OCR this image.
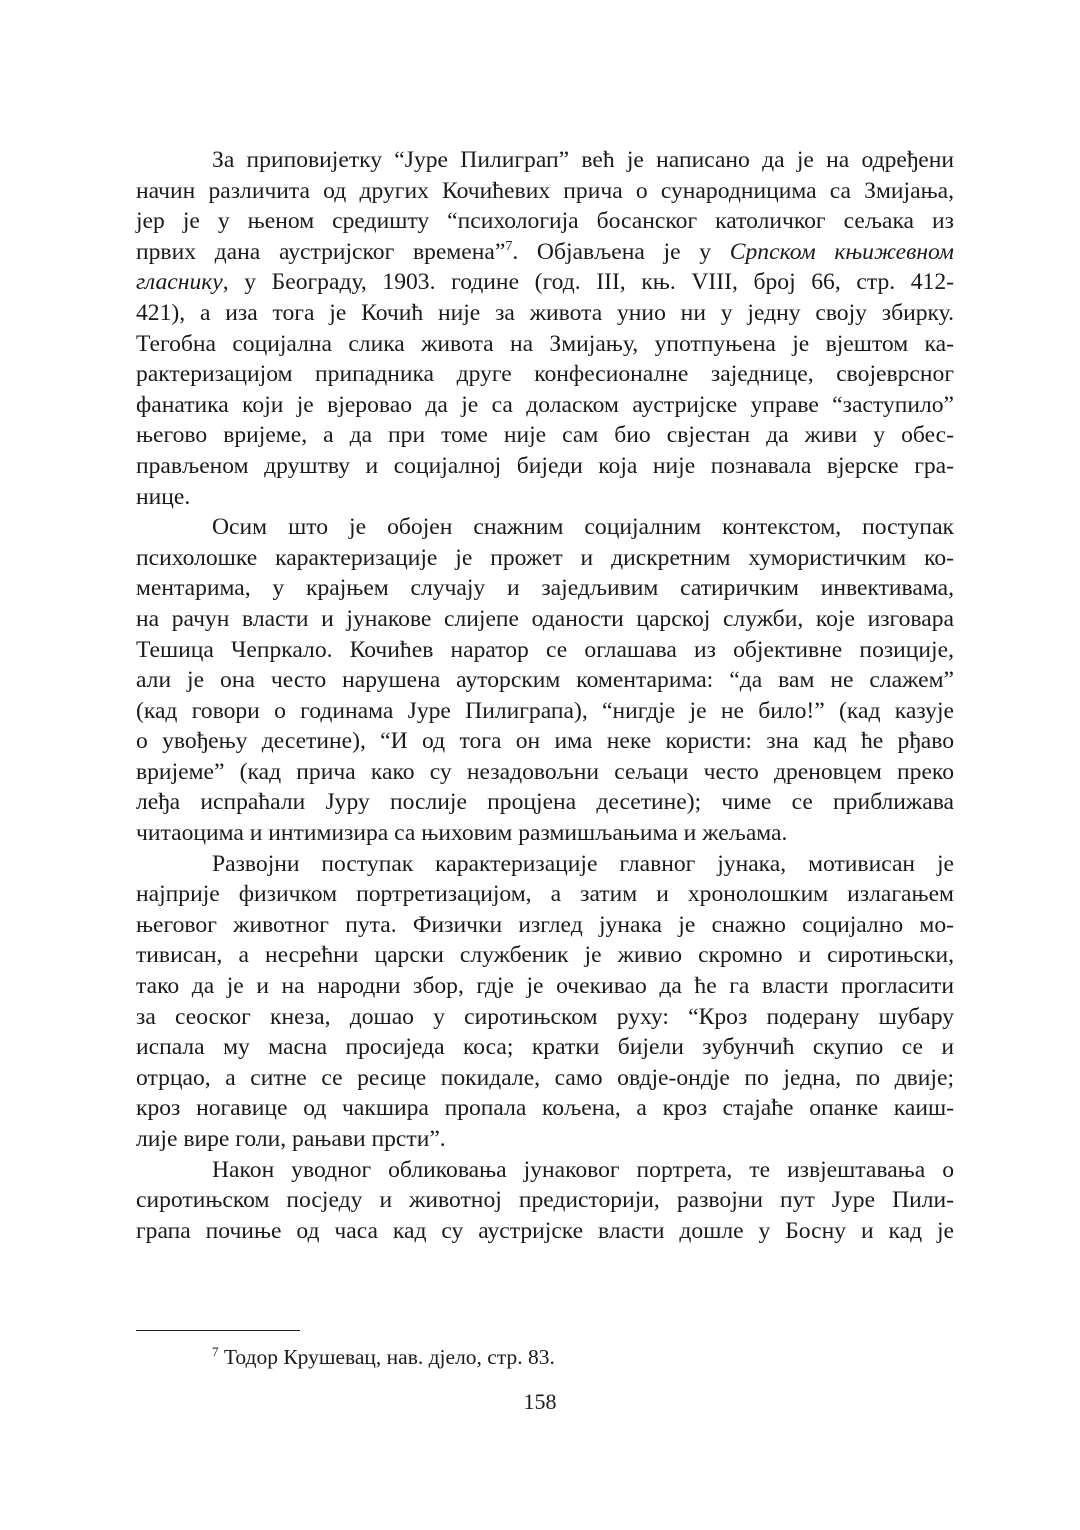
За приповијетку “Јуре Пилиграп” већ је написано да је на одређени
начин различита од других Кочићевих прича о сународницима са Змијања,
јер је у њеном средишту “психологија босанског католичког сељака из
првих дана аустријског времена”$^7$. Објављена је у Српском књижевном
гласнику, у Београду, 1903. године (год. III, књ. VIII, број 66, стр. 412-
421), а иза тога је Кочић није за живота унио ни у једну своју збирку.
Тегобна социјална слика живота на Змијању, употпуњена је вјештом ка-
рактеризацијом припадника друге конфесионалне заједнице, својеврсног
фанатика који је вјеровао да је са доласком аустријске управе “заступило”
његово вријеме, а да при томе није сам био свјестан да живи у обес-
прављеном друштву и социјалној биједи која није познавала вјерске гра-
нице.

Осим што је обојен снажним социјалним контекстом, поступак
психолошке карактеризације је прожет и дискретним хумористичким ко-
ментарима, у крајњем случају и заједљивим сатиричким инвективама,
на рачун власти и јунакове слијепе оданости царској служби, које изговара
Тешица Чепркало. Кочићев наратор се оглашава из објективне позиције,
али је она често нарушена ауторским коментарима: “да вам не слажем”
(кад говори о годинама Јуре Пилиграпа), “нигдје је не било!” (кад казује
о увођењу десетине), “И од тога он има неке користи: зна кад ће рђаво
вријеме” (кад прича како су незадовољни сељаци често дреновцем преко
леђа испраћали Јуру послије процјена десетине); чиме се приближава
читаоцима и интимизира са њиховим размишљањима и жељама.

Развојни поступак карактеризације главног јунака, мотивисан је
најприје физичком портретизацијом, а затим и хронолошким излагањем
његовог животног пута. Физички изглед јунака је снажно социјално мо-
тивисан, а несрећни царски службеник је живио скромно и сиротињски,
тако да је и на народни збор, гдје је очекивао да ће га власти прогласити
за сеоског кнеза, дошао у сиротињском руху: “Кроз подерану шубару
испала му масна просиједа коса; кратки бијели зубунчић скупио се и
отрцао, а ситне се ресице покидале, само овдје-ондје по једна, по двије;
кроз ногавице од чакшира пропала кољена, а кроз стајаће опанке каиш-
лије вире голи, рањави прсти”.

Након уводног обликовања јунаковог портрета, те извјештавања о
сиротињском посједу и животној предисторији, развојни пут Јуре Пили-
грапа почиње од часа кад су аустријске власти дошле у Босну и кад је

$^7$ Тодор Крушевац, нав. дјело, стр. 83.
158
